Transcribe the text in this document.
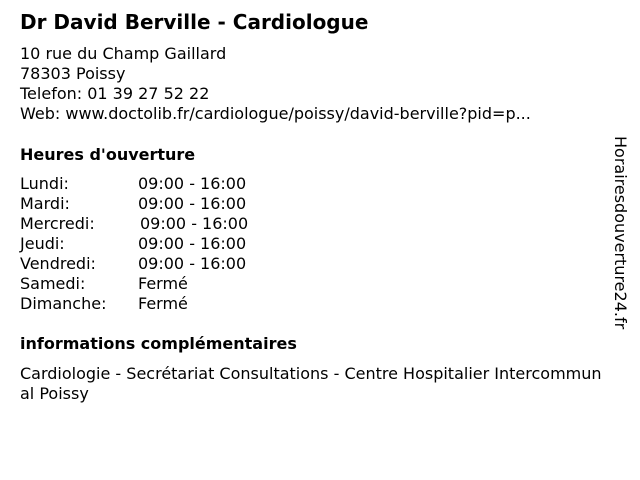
Dr David Berville - Cardiologue
10 rue du Champ Gaillard
78303 Poissy
Telefon: 01 39 27 52 22
Web: www.doctolib.fr/cardiologue/poissy/david-berville?pid=p...
Heures d'ouverture
Lundi:	09:00 - 16:00
Mardi:	09:00 - 16:00
Mercredi:	09:00 - 16:00
Jeudi:	09:00 - 16:00
Vendredi:	09:00 - 16:00
Samedi:	Fermé
Dimanche: Fermé
informations complémentaires
Cardiologie - Secrétariat Consultations - Centre Hospitalier Intercommunal Poissy
Horairesdouverture24.fr
